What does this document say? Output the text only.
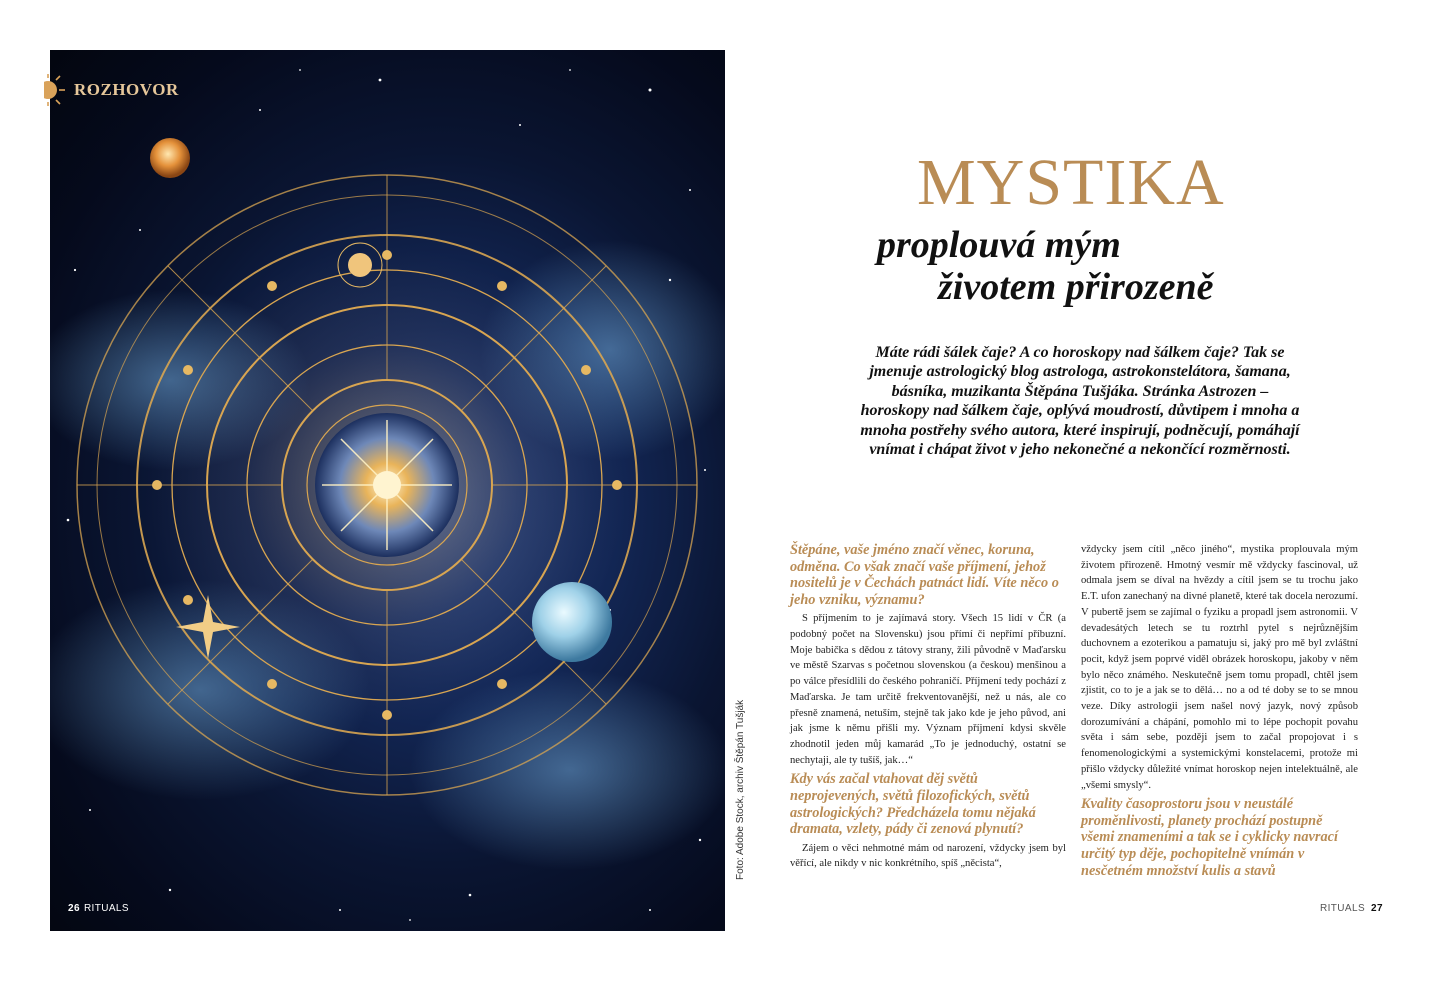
ROZHOVOR
26 RITUALS
Foto: Adobe Stock, archiv Štěpán Tušják
MYSTIKA
proplouvá mým
životem přirozeně
Máte rádi šálek čaje? A co horoskopy nad šálkem čaje? Tak se jmenuje astrologický blog astrologa, astrokonstelátora, šamana, básníka, muzikanta Štěpána Tušjáka. Stránka Astrozen – horoskopy nad šálkem čaje, oplývá moudrostí, důvtipem i mnoha a mnoha postřehy svého autora, které inspirují, podněcují, pomáhají vnímat i chápat život v jeho nekonečné a nekončící rozměrnosti.
Štěpáne, vaše jméno značí věnec, koruna, odměna. Co však značí vaše příjmení, jehož nositelů je v Čechách patnáct lidí. Víte něco o jeho vzniku, významu?

S příjmením to je zajímavá story. Všech 15 lidí v ČR (a podobný počet na Slovensku) jsou přímí či nepřímí příbuzní. Moje babička s dědou z tátovy strany, žili původně v Maďarsku ve městě Szarvas s početnou slovenskou (a českou) menšinou a po válce přesídlili do českého pohraničí. Příjmení tedy pochází z Maďarska. Je tam určitě frekventovanější, než u nás, ale co přesně znamená, netuším, stejně tak jako kde je jeho původ, ani jak jsme k němu přišli my. Význam příjmení kdysi skvěle zhodnotil jeden můj kamarád „To je jednoduchý, ostatní se nechytaji, ale ty tušíš, jak…“

Kdy vás začal vtahovat děj světů neprojevených, světů filozofických, světů astrologických? Předcházela tomu nějaká dramata, vzlety, pády či zenová plynutí?

Zájem o věci nehmotné mám od narození, vždycky jsem byl věřící, ale nikdy v nic konkrétního, spíš „něcista“,

vždycky jsem cítil „něco jiného“, mystika proplouvala mým životem přirozeně. Hmotný vesmír mě vždycky fascinoval, už odmala jsem se díval na hvězdy a cítil jsem se tu trochu jako E.T. ufon zanechaný na divné planetě, které tak docela nerozumí. V pubertě jsem se zajímal o fyziku a propadl jsem astronomii. V devadesátých letech se tu roztrhl pytel s nejrůznějším duchovnem a ezoterikou a pamatuju si, jaký pro mě byl zvláštní pocit, když jsem poprvé viděl obrázek horoskopu, jakoby v něm bylo něco známého. Neskutečně jsem tomu propadl, chtěl jsem zjistit, co to je a jak se to dělá… no a od té doby se to se mnou veze. Díky astrologii jsem našel nový jazyk, nový způsob dorozumívání a chápání, pomohlo mi to lépe pochopit povahu světa i sám sebe, později jsem to začal propojovat i s fenomenologickými a systemickými konstelacemi, protože mi přišlo vždycky důležité vnímat horoskop nejen intelektuálně, ale „všemi smysly“.

Kvality časoprostoru jsou v neustálé proměnlivosti, planety prochází postupně všemi znameními a tak se i cyklicky navrací určitý typ děje, pochopitelně vnímán v nesčetném množství kulis a stavů
RITUALS 27
